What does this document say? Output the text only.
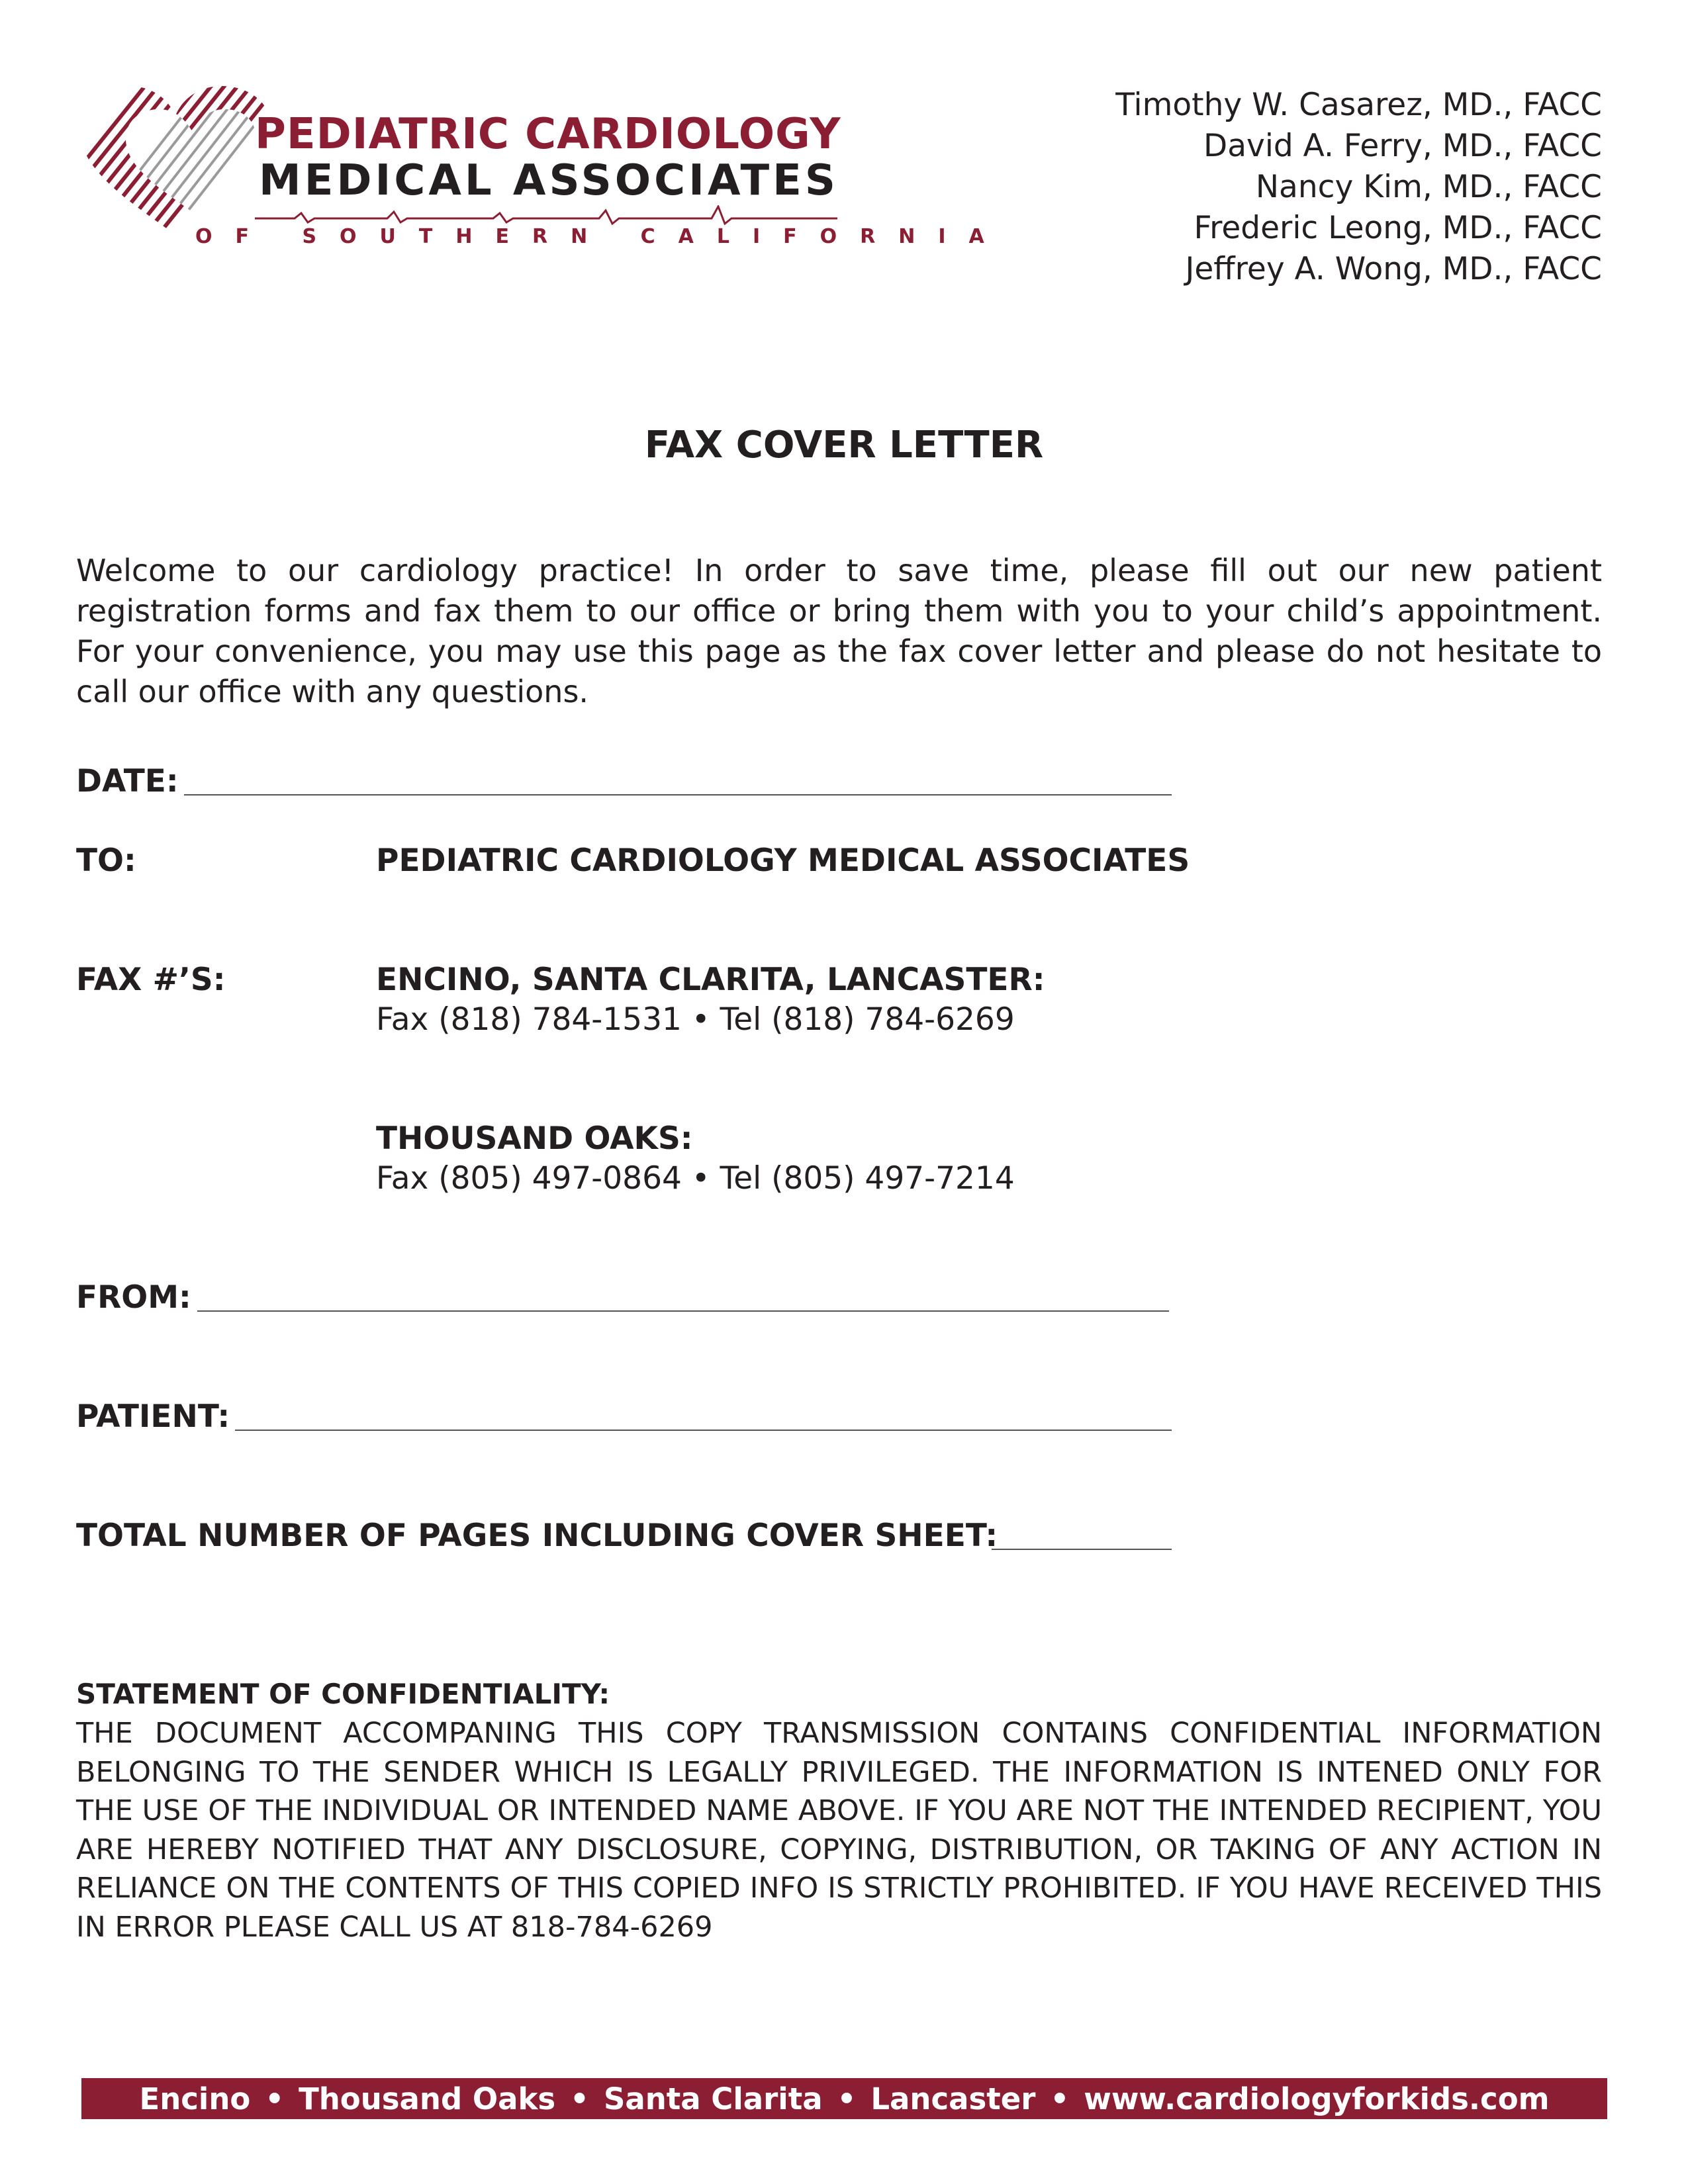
PEDIATRIC CARDIOLOGY
MEDICAL ASSOCIATES
OF SOUTHERN CALIFORNIA
Timothy W. Casarez, MD., FACC
David A. Ferry, MD., FACC
Nancy Kim, MD., FACC
Frederic Leong, MD., FACC
Jeffrey A. Wong, MD., FACC
FAX COVER LETTER
Welcome to our cardiology practice! In order to save time, please fill out our new patient registration forms and fax them to our office or bring them with you to your child’s appointment. For your convenience, you may use this page as the fax cover letter and please do not hesitate to call our office with any questions.
DATE:
TO:	PEDIATRIC CARDIOLOGY MEDICAL ASSOCIATES
FAX #’S:	ENCINO, SANTA CLARITA, LANCASTER:
Fax (818) 784-1531 • Tel (818) 784-6269
THOUSAND OAKS:
Fax (805) 497-0864 • Tel (805) 497-7214
FROM:
PATIENT:
TOTAL NUMBER OF PAGES INCLUDING COVER SHEET:
STATEMENT OF CONFIDENTIALITY:
THE DOCUMENT ACCOMPANING THIS COPY TRANSMISSION CONTAINS CONFIDENTIAL INFORMATION BELONGING TO THE SENDER WHICH IS LEGALLY PRIVILEGED. THE INFORMATION IS INTENED ONLY FOR THE USE OF THE INDIVIDUAL OR INTENDED NAME ABOVE. IF YOU ARE NOT THE INTENDED RECIPIENT, YOU ARE HEREBY NOTIFIED THAT ANY DISCLOSURE, COPYING, DISTRIBUTION, OR TAKING OF ANY ACTION IN RELIANCE ON THE CONTENTS OF THIS COPIED INFO IS STRICTLY PROHIBITED. IF YOU HAVE RECEIVED THIS IN ERROR PLEASE CALL US AT 818-784-6269
Encino • Thousand Oaks • Santa Clarita • Lancaster • www.cardiologyforkids.com
